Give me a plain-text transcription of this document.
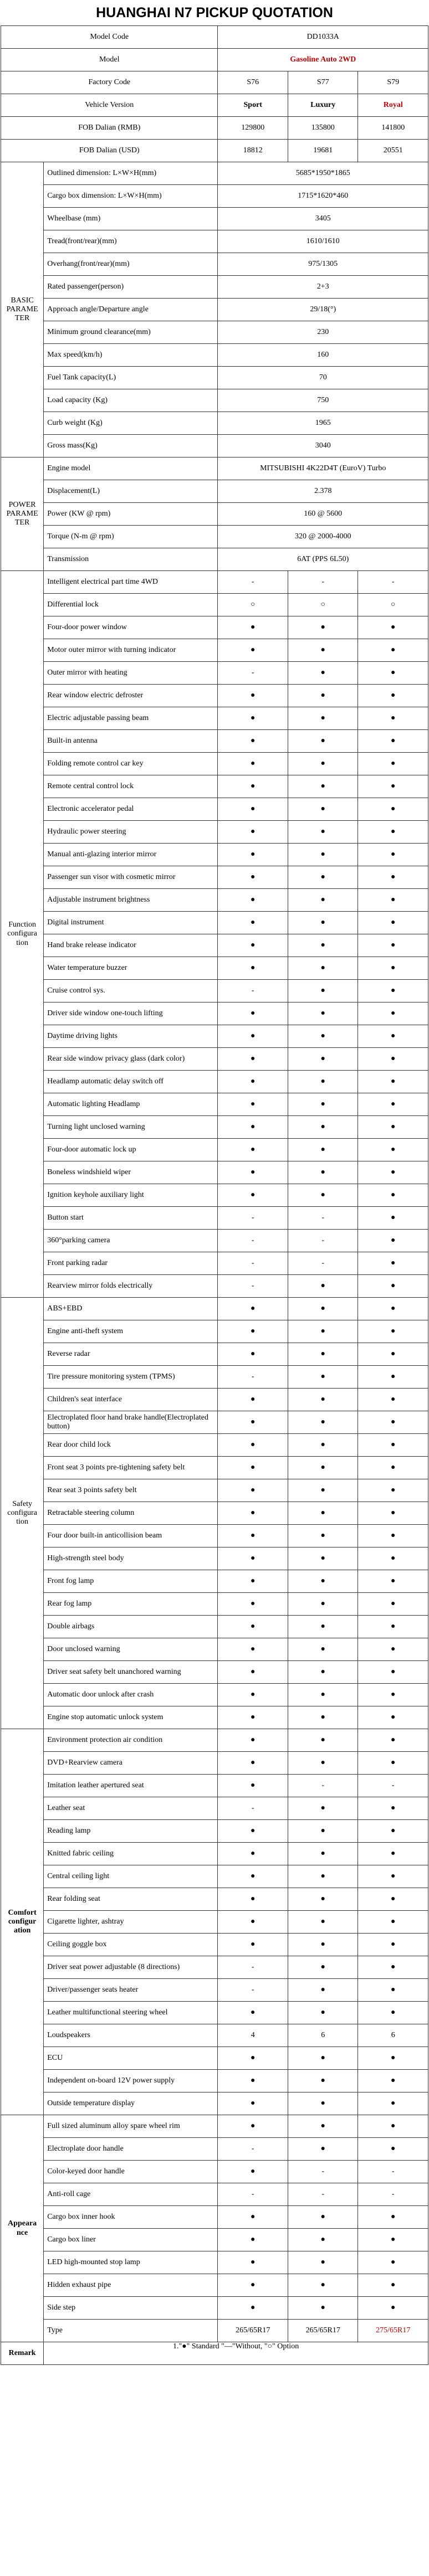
HUANGHAI N7 PICKUP QUOTATION
Model Code		DD1033A		
Model		Gasoline Auto 2WD		
Factory Code		S76	S77	S79
Vehicle Version		Sport	Luxury	Royal
FOB Dalian (RMB)		129800	135800	141800
FOB Dalian (USD)		18812	19681	20551
BASIC
PARAME
TER	Outlined dimension: L×W×H(mm)	5685*1950*1865		
	Cargo box dimension: L×W×H(mm)	1715*1620*460		
	Wheelbase (mm)	3405		
	Tread(front/rear)(mm)	1610/1610		
	Overhang(front/rear)(mm)	975/1305		
	Rated passenger(person)	2+3		
	Approach angle/Departure angle	29/18(°)		
	Minimum ground clearance(mm)	230		
	Max speed(km/h)	160		
	Fuel Tank capacity(L)	70		
	Load capacity (Kg)	750		
	Curb weight (Kg)	1965		
	Gross mass(Kg)	3040		
POWER
PARAME
TER	Engine model	MITSUBISHI 4K22D4T (EuroV) Turbo		
	Displacement(L)	2.378		
	Power (KW @ rpm)	160 @ 5600		
	Torque (N-m @ rpm)	320 @ 2000-4000		
	Transmission	6AT (PPS 6L50)		
Function
configura
tion	Intelligent electrical part time 4WD	-	-	-
	Differential lock	○	○	○
	Four-door power window	●	●	●
	Motor outer mirror with turning indicator	●	●	●
	Outer mirror with heating	-	●	●
	Rear window electric defroster	●	●	●
	Electric adjustable passing beam	●	●	●
	Built-in antenna	●	●	●
	Folding remote control car key	●	●	●
	Remote central control lock	●	●	●
	Electronic accelerator pedal	●	●	●
	Hydraulic power steering	●	●	●
	Manual anti-glazing interior mirror	●	●	●
	Passenger sun visor with cosmetic mirror	●	●	●
	Adjustable instrument brightness	●	●	●
	Digital instrument	●	●	●
	Hand brake release indicator	●	●	●
	Water temperature buzzer	●	●	●
	Cruise control sys.	-	●	●
	Driver side window one-touch lifting	●	●	●
	Daytime driving lights	●	●	●
	Rear side window privacy glass (dark color)	●	●	●
	Headlamp automatic delay switch off	●	●	●
	Automatic lighting Headlamp	●	●	●
	Turning light unclosed warning	●	●	●
	Four-door automatic lock up	●	●	●
	Boneless windshield wiper	●	●	●
	Ignition keyhole auxiliary light	●	●	●
	Button start	-	-	●
	360°parking camera	-	-	●
	Front parking radar	-	-	●
	Rearview mirror folds electrically	-	●	●
Safety
configura
tion	ABS+EBD	●	●	●
	Engine anti-theft system	●	●	●
	Reverse radar	●	●	●
	Tire pressure monitoring system (TPMS)	-	●	●
	Children's seat interface	●	●	●
	Electroplated floor hand brake handle(Electroplated button)	●	●	●
	Rear door child lock	●	●	●
	Front seat 3 points pre-tightening safety belt	●	●	●
	Rear seat 3 points safety belt	●	●	●
	Retractable steering column	●	●	●
	Four door built-in anticollision beam	●	●	●
	High-strength steel body	●	●	●
	Front fog lamp	●	●	●
	Rear fog lamp	●	●	●
	Double airbags	●	●	●
	Door unclosed warning	●	●	●
	Driver seat safety belt unanchored warning	●	●	●
	Automatic door unlock after crash	●	●	●
	Engine stop automatic unlock system	●	●	●
Comfort
configur
ation	Environment protection air condition	●	●	●
	DVD+Rearview camera	●	●	●
	Imitation leather apertured seat	●	-	-
	Leather seat	-	●	●
	Reading lamp	●	●	●
	Knitted fabric ceiling	●	●	●
	Central ceiling light	●	●	●
	Rear folding seat	●	●	●
	Cigarette lighter, ashtray	●	●	●
	Ceiling goggle box	●	●	●
	Driver seat power adjustable (8 directions)	-	●	●
	Driver/passenger seats heater	-	●	●
	Leather multifunctional steering wheel	●	●	●
	Loudspeakers	4	6	6
	ECU	●	●	●
	Independent on-board 12V power supply	●	●	●
	Outside temperature display	●	●	●
Appeara
nce	Full sized aluminum alloy spare wheel rim	●	●	●
	Electroplate door handle	-	●	●
	Color-keyed door handle	●	-	-
	Anti-roll cage	-	-	-
	Cargo box inner hook	●	●	●
	Cargo box liner	●	●	●
	LED high-mounted stop lamp	●	●	●
	Hidden exhaust pipe	●	●	●
	Side step	●	●	●
	Type	265/65R17	265/65R17	275/65R17
Remark	1."●" Standard "—"Without, "○" Option			
